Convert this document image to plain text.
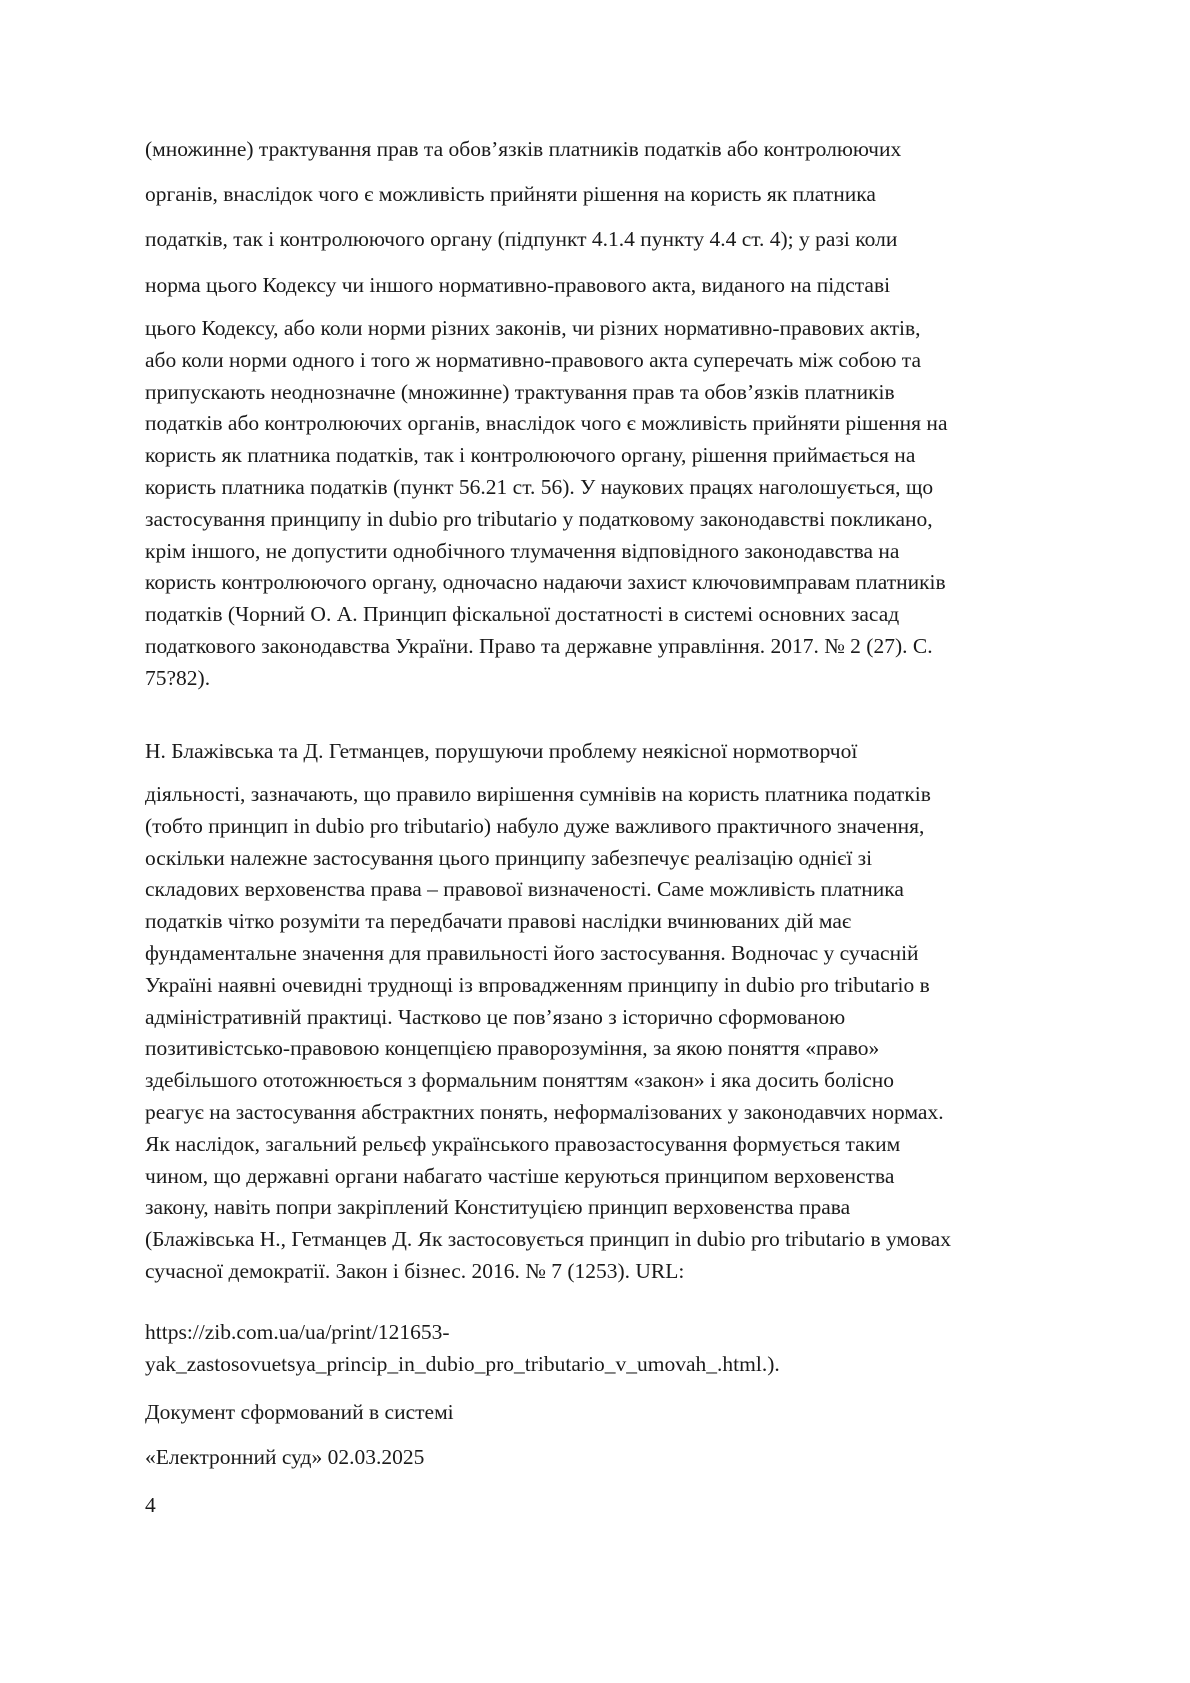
(множинне) трактування прав та обов’язків платників податків або контролюючих

органів, внаслідок чого є можливість прийняти рішення на користь як платника

податків, так і контролюючого органу (підпункт 4.1.4 пункту 4.4 ст. 4); у разі коли

норма цього Кодексу чи іншого нормативно-правового акта, виданого на підставі

цього Кодексу, або коли норми різних законів, чи різних нормативно-правових актів,
або коли норми одного і того ж нормативно-правового акта суперечать між собою та
припускають неоднозначне (множинне) трактування прав та обов’язків платників
податків або контролюючих органів, внаслідок чого є можливість прийняти рішення на
користь як платника податків, так і контролюючого органу, рішення приймається на
користь платника податків (пункт 56.21 ст. 56). У наукових працях наголошується, що
застосування принципу in dubio pro tributario у податковому законодавстві покликано,
крім іншого, не допустити однобічного тлумачення відповідного законодавства на
користь контролюючого органу, одночасно надаючи захист ключовимправам платників
податків (Чорний О. А. Принцип фіскальної достатності в системі основних засад
податкового законодавства України. Право та державне управління. 2017. № 2 (27). С.
75?82).

Н. Блажівська та Д. Гетманцев, порушуючи проблему неякісної нормотворчої

діяльності, зазначають, що правило вирішення сумнівів на користь платника податків
(тобто принцип in dubio pro tributario) набуло дуже важливого практичного значення,
оскільки належне застосування цього принципу забезпечує реалізацію однієї зі
складових верховенства права – правової визначеності. Саме можливість платника
податків чітко розуміти та передбачати правові наслідки вчинюваних дій має
фундаментальне значення для правильності його застосування. Водночас у сучасній
Україні наявні очевидні труднощі із впровадженням принципу in dubio pro tributario в
адміністративній практиці. Частково це пов’язано з історично сформованою
позитивістсько-правовою концепцією праворозуміння, за якою поняття «право»
здебільшого ототожнюється з формальним поняттям «закон» і яка досить болісно
реагує на застосування абстрактних понять, неформалізованих у законодавчих нормах.
Як наслідок, загальний рельєф українського правозастосування формується таким
чином, що державні органи набагато частіше керуються принципом верховенства
закону, навіть попри закріплений Конституцією принцип верховенства права
(Блажівська Н., Гетманцев Д. Як застосовується принцип in dubio pro tributario в умовах
сучасної демократії. Закон і бізнес. 2016. № 7 (1253). URL:
https://zib.com.ua/ua/print/121653-
yak_zastosovuetsya_princip_in_dubio_pro_tributario_v_umovah_.html.).

Документ сформований в системі

«Електронний суд» 02.03.2025

4
